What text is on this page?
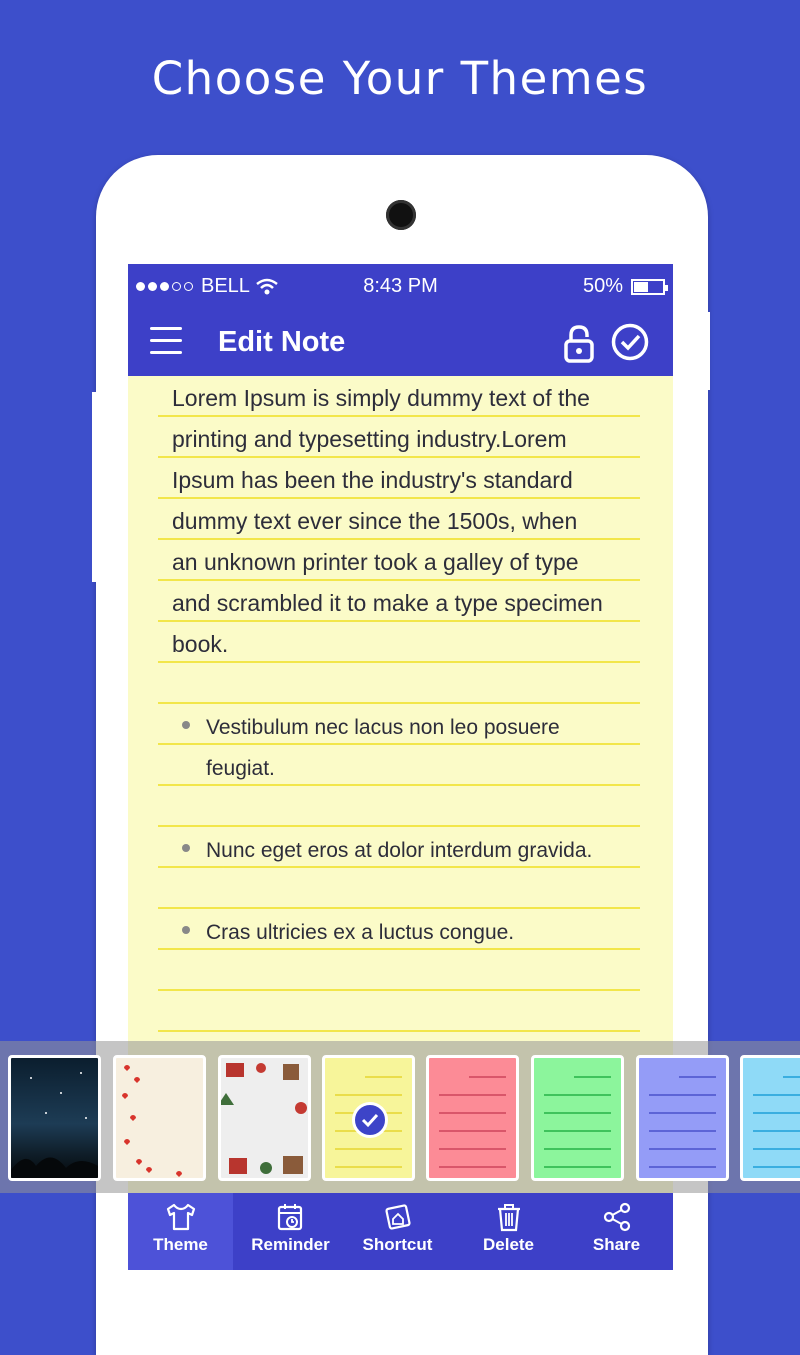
Choose Your Themes
BELL	8:43 PM	50%
Edit Note
Lorem Ipsum is simply dummy text of the
printing and typesetting industry.Lorem
Ipsum has been the industry's standard
dummy text ever since the 1500s, when
an unknown printer took a galley of type
and scrambled it to make a type specimen
book.
Vestibulum nec lacus non leo posuere
feugiat.
Nunc eget eros at dolor interdum gravida.
Cras ultricies ex a luctus congue.
Theme	Reminder	Shortcut	Delete	Share
